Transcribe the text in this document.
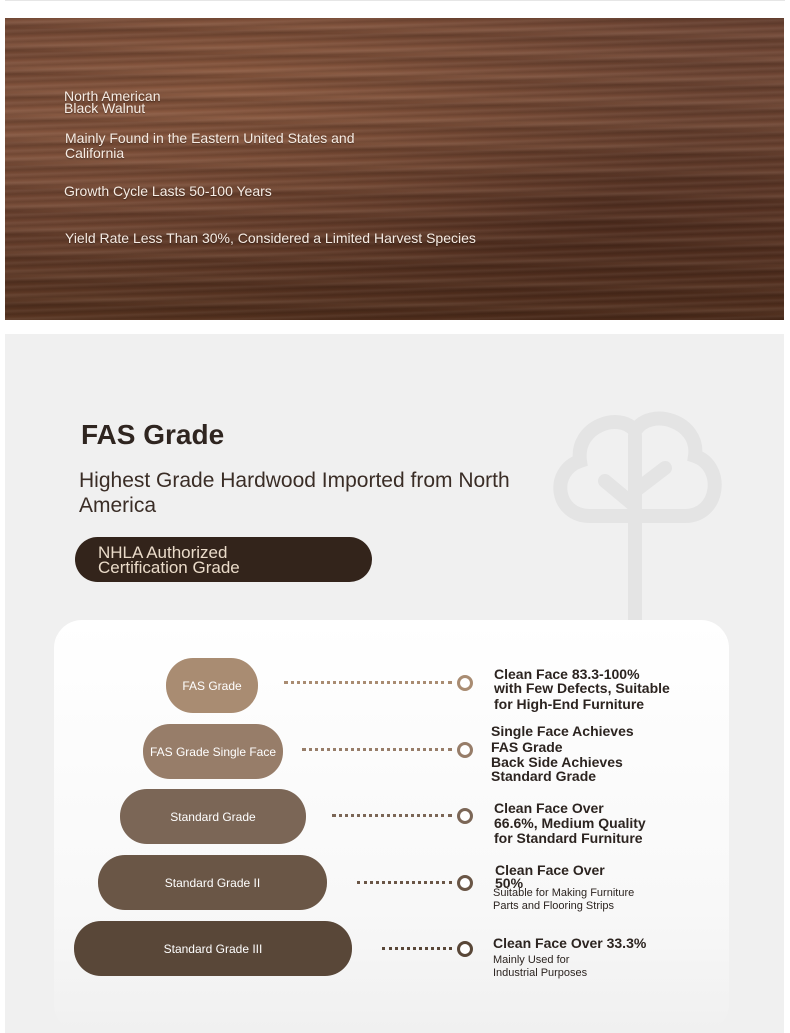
North American
Black Walnut
Mainly Found in the Eastern United States and
California
Growth Cycle Lasts 50-100 Years
Yield Rate Less Than 30%, Considered a Limited Harvest Species
FAS Grade
Highest Grade Hardwood Imported from North America
NHLA Authorized
Certification Grade
FAS Grade
Clean Face 83.3-100%
with Few Defects, Suitable
for High-End Furniture
FAS Grade Single Face
Single Face Achieves
FAS Grade
Back Side Achieves
Standard Grade
Standard Grade
Clean Face Over
66.6%, Medium Quality
for Standard Furniture
Standard Grade II
Clean Face Over
50%
Suitable for Making Furniture
Parts and Flooring Strips
Standard Grade III	Clean Face Over 33.3%
Mainly Used for
Industrial Purposes
